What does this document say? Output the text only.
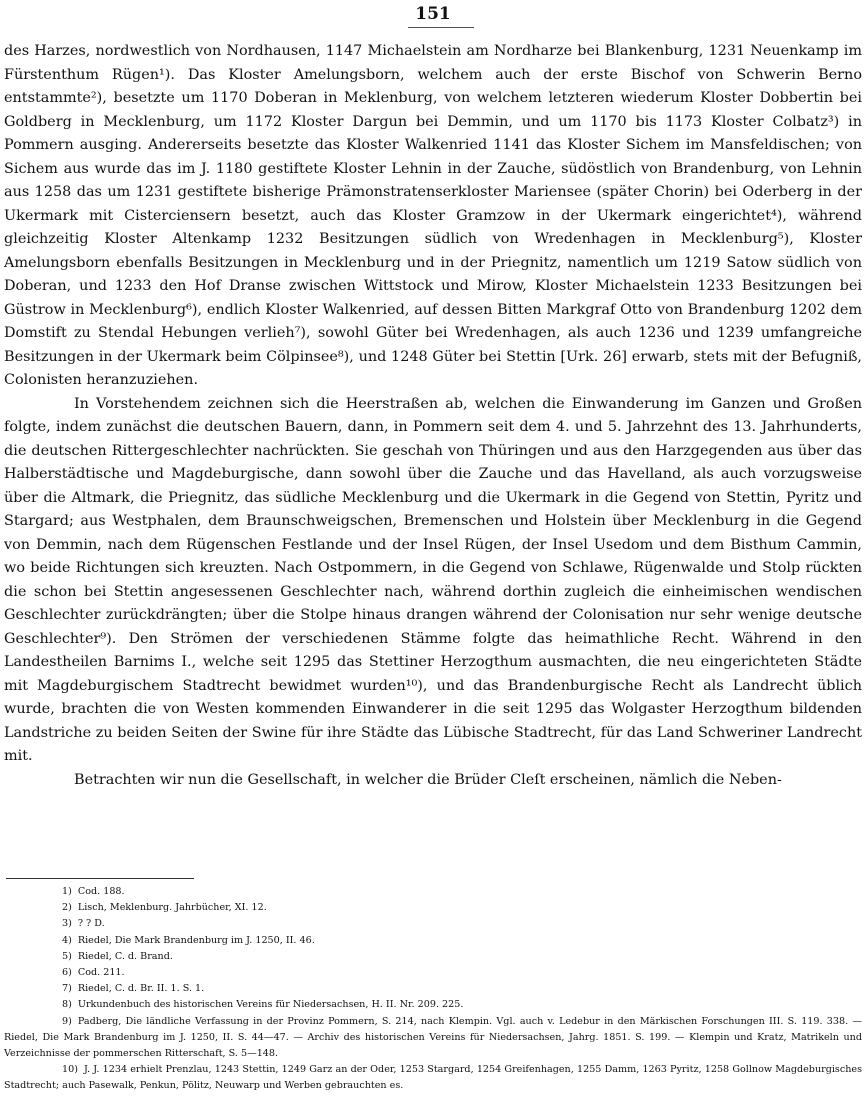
151

des Harzes, nordwestlich von Nordhausen, 1147 Michaelstein am Nordharze bei Blankenburg, 1231 Neuenkamp im Fürstenthum Rügen¹). Das Kloster Amelungsborn, welchem auch der erste Bischof von Schwerin Berno entstammte²), besetzte um 1170 Doberan in Meklenburg, von welchem letzteren wiederum Kloster Dobbertin bei Goldberg in Mecklenburg, um 1172 Kloster Dargun bei Demmin, und um 1170 bis 1173 Kloster Colbatz³) in Pommern ausging. Andererseits besetzte das Kloster Walkenried 1141 das Kloster Sichem im Mansfeldischen; von Sichem aus wurde das im J. 1180 gestiftete Kloster Lehnin in der Zauche, südöstlich von Brandenburg, von Lehnin aus 1258 das um 1231 gestiftete bisherige Prämonstratenserkloster Mariensee (später Chorin) bei Oderberg in der Ukermark mit Cisterciensern besetzt, auch das Kloster Gramzow in der Ukermark eingerichtet⁴), während gleichzeitig Kloster Altenkamp 1232 Besitzungen südlich von Wredenhagen in Mecklenburg⁵), Kloster Amelungsborn ebenfalls Besitzungen in Mecklenburg und in der Priegnitz, namentlich um 1219 Satow südlich von Doberan, und 1233 den Hof Dranse zwischen Wittstock und Mirow, Kloster Michaelstein 1233 Besitzungen bei Güstrow in Mecklenburg⁶), endlich Kloster Walkenried, auf dessen Bitten Markgraf Otto von Brandenburg 1202 dem Domstift zu Stendal Hebungen verlieh⁷), sowohl Güter bei Wredenhagen, als auch 1236 und 1239 umfangreiche Besitzungen in der Ukermark beim Cölpinsee⁸), und 1248 Güter bei Stettin [Urk. 26] erwarb, stets mit der Befugniß, Colonisten heranzuziehen.

In Vorstehendem zeichnen sich die Heerstraßen ab, welchen die Einwanderung im Ganzen und Großen folgte, indem zunächst die deutschen Bauern, dann, in Pommern seit dem 4. und 5. Jahrzehnt des 13. Jahrhunderts, die deutschen Rittergeschlechter nachrückten. Sie geschah von Thüringen und aus den Harzgegenden aus über das Halberstädtische und Magdeburgische, dann sowohl über die Zauche und das Havelland, als auch vorzugsweise über die Altmark, die Priegnitz, das südliche Mecklenburg und die Ukermark in die Gegend von Stettin, Pyritz und Stargard; aus Westphalen, dem Braunschweigschen, Bremenschen und Holstein über Mecklenburg in die Gegend von Demmin, nach dem Rügenschen Festlande und der Insel Rügen, der Insel Usedom und dem Bisthum Cammin, wo beide Richtungen sich kreuzten. Nach Ostpommern, in die Gegend von Schlawe, Rügenwalde und Stolp rückten die schon bei Stettin angesessenen Geschlechter nach, während dorthin zugleich die einheimischen wendischen Geschlechter zurückdrängten; über die Stolpe hinaus drangen während der Colonisation nur sehr wenige deutsche Geschlechter⁹). Den Strömen der verschiedenen Stämme folgte das heimathliche Recht. Während in den Landestheilen Barnims I., welche seit 1295 das Stettiner Herzogthum ausmachten, die neu eingerichteten Städte mit Magdeburgischem Stadtrecht bewidmet wurden¹⁰), und das Brandenburgische Recht als Landrecht üblich wurde, brachten die von Westen kommenden Einwanderer in die seit 1295 das Wolgaster Herzogthum bildenden Landstriche zu beiden Seiten der Swine für ihre Städte das Lübische Stadtrecht, für das Land Schweriner Landrecht mit.

Betrachten wir nun die Gesellschaft, in welcher die Brüder Cleſt erscheinen, nämlich die Neben-

1) Cod. 188.
2) Lisch, Meklenburg. Jahrbücher, XI. 12.
3) ? ? D.
4) Riedel, Die Mark Brandenburg im J. 1250, II. 46.
5) Riedel, C. d. Brand.
6) Cod. 211.
7) Riedel, C. d. Br. II. 1. S. 1.
8) Urkundenbuch des historischen Vereins für Niedersachsen, H. II. Nr. 209. 225.
9) Padberg, Die ländliche Verfassung in der Provinz Pommern, S. 214, nach Klempin. Vgl. auch v. Ledebur in den Märkischen Forschungen III. S. 119. 338. — Riedel, Die Mark Brandenburg im J. 1250, II. S. 44—47. — Archiv des historischen Vereins für Niedersachsen, Jahrg. 1851. S. 199. — Klempin und Kratz, Matrikeln und Verzeichnisse der pommerschen Ritterschaft, S. 5—148.
10) J. J. 1234 erhielt Prenzlau, 1243 Stettin, 1249 Garz an der Oder, 1253 Stargard, 1254 Greifenhagen, 1255 Damm, 1263 Pyritz, 1258 Gollnow Magdeburgisches Stadtrecht; auch Pasewalk, Penkun, Pölitz, Neuwarp und Werben gebrauchten es.
